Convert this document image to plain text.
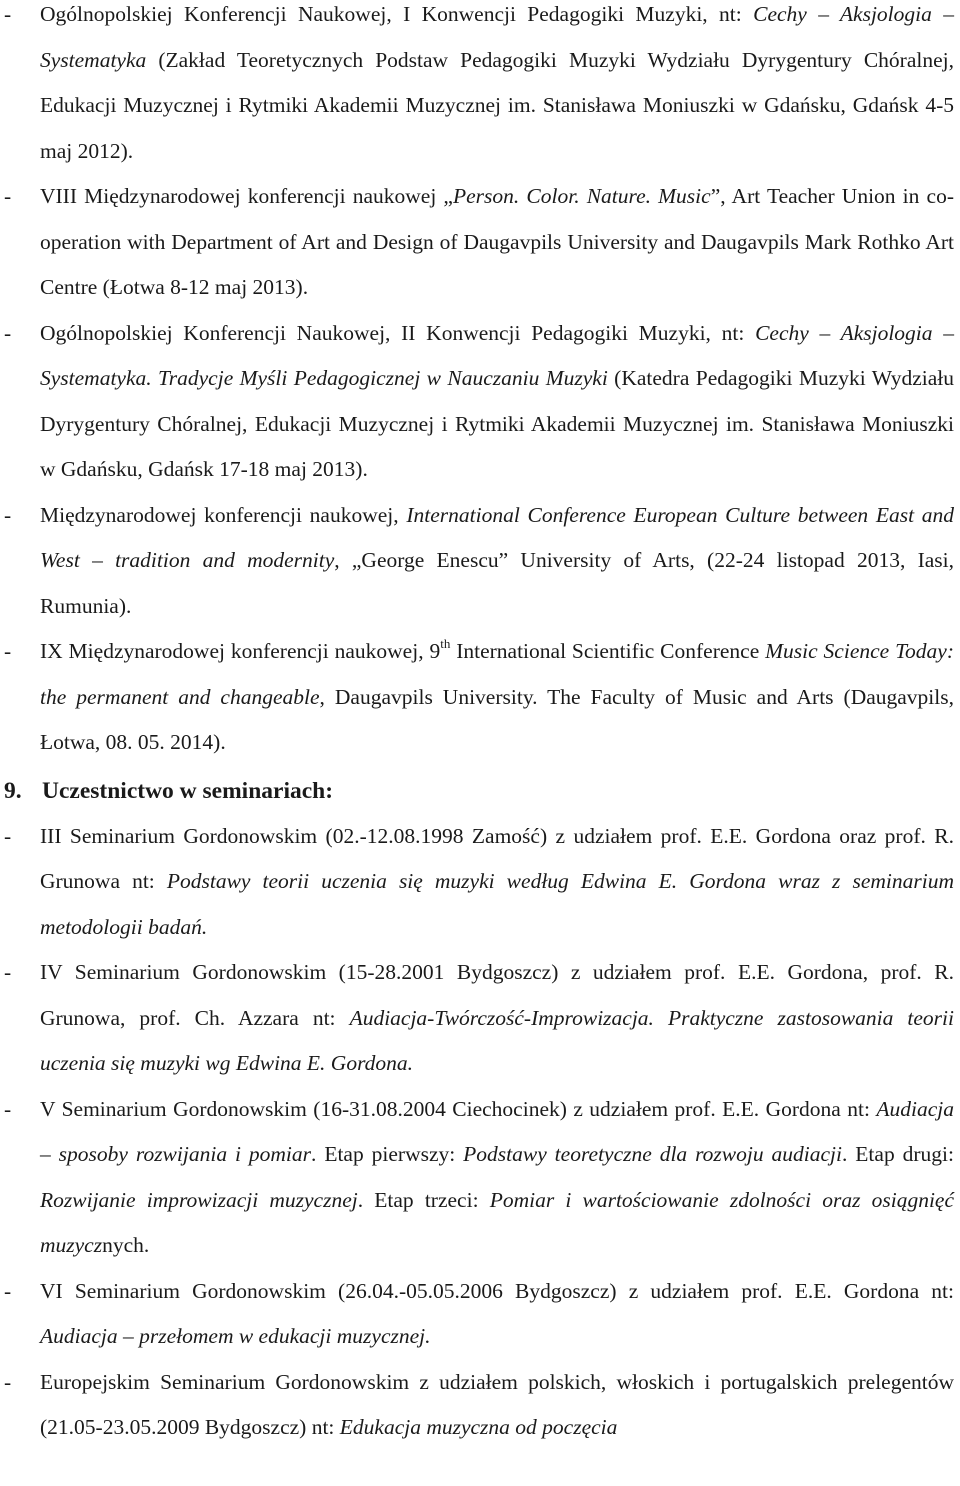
- Ogólnopolskiej Konferencji Naukowej, I Konwencji Pedagogiki Muzyki, nt: Cechy – Aksjologia – Systematyka (Zakład Teoretycznych Podstaw Pedagogiki Muzyki Wydziału Dyrygentury Chóralnej, Edukacji Muzycznej i Rytmiki Akademii Muzycznej im. Stanisława Moniuszki w Gdańsku, Gdańsk 4-5 maj 2012).
- VIII Międzynarodowej konferencji naukowej „Person. Color. Nature. Music”, Art Teacher Union in co-operation with Department of Art and Design of Daugavpils University and Daugavpils Mark Rothko Art Centre (Łotwa 8-12 maj 2013).
- Ogólnopolskiej Konferencji Naukowej, II Konwencji Pedagogiki Muzyki, nt: Cechy – Aksjologia – Systematyka. Tradycje Myśli Pedagogicznej w Nauczaniu Muzyki (Katedra Pedagogiki Muzyki Wydziału Dyrygentury Chóralnej, Edukacji Muzycznej i Rytmiki Akademii Muzycznej im. Stanisława Moniuszki w Gdańsku, Gdańsk 17-18 maj 2013).
- Międzynarodowej konferencji naukowej, International Conference European Culture between East and West – tradition and modernity, „George Enescu” University of Arts, (22-24 listopad 2013, Iasi, Rumunia).
- IX Międzynarodowej konferencji naukowej, 9th International Scientific Conference Music Science Today: the permanent and changeable, Daugavpils University. The Faculty of Music and Arts (Daugavpils, Łotwa, 08. 05. 2014).
9. Uczestnictwo w seminariach:
- III Seminarium Gordonowskim (02.-12.08.1998 Zamość) z udziałem prof. E.E. Gordona oraz prof. R. Grunowa nt: Podstawy teorii uczenia się muzyki według Edwina E. Gordona wraz z seminarium metodologii badań.
- IV Seminarium Gordonowskim (15-28.2001 Bydgoszcz) z udziałem prof. E.E. Gordona, prof. R. Grunowa, prof. Ch. Azzara nt: Audiacja-Twórczość-Improwizacja. Praktyczne zastosowania teorii uczenia się muzyki wg Edwina E. Gordona.
- V Seminarium Gordonowskim (16-31.08.2004 Ciechocinek) z udziałem prof. E.E. Gordona nt: Audiacja – sposoby rozwijania i pomiar. Etap pierwszy: Podstawy teoretyczne dla rozwoju audiacji. Etap drugi: Rozwijanie improwizacji muzycznej. Etap trzeci: Pomiar i wartościowanie zdolności oraz osiągnięć muzycznych.
- VI Seminarium Gordonowskim (26.04.-05.05.2006 Bydgoszcz) z udziałem prof. E.E. Gordona nt: Audiacja – przełomem w edukacji muzycznej.
- Europejskim Seminarium Gordonowskim z udziałem polskich, włoskich i portugalskich prelegentów (21.05-23.05.2009 Bydgoszcz) nt: Edukacja muzyczna od poczęcia
